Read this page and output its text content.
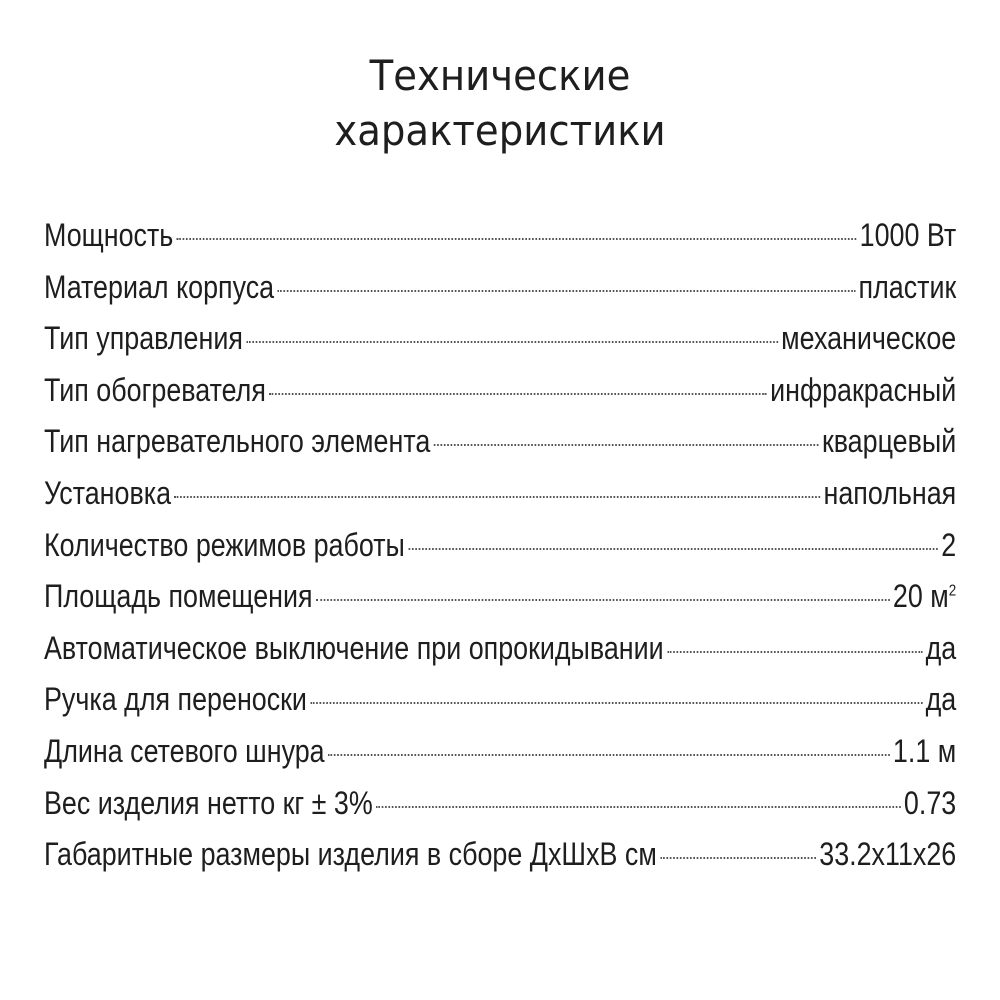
Технические
характеристики
Мощность	1000 Вт
Материал корпуса	пластик
Тип управления	механическое
Тип обогревателя	инфракрасный
Тип нагревательного элемента	кварцевый
Установка	напольная
Количество режимов работы	2
Площадь помещения	20 $м^2$
Автоматическое выключение при опрокидывании	да
Ручка для переноски	да
Длина сетевого шнура	1.1 м
Вес изделия нетто кг ± 3%	0.73
Габаритные размеры изделия в сборе ДхШхВ см	33.2х11х26
